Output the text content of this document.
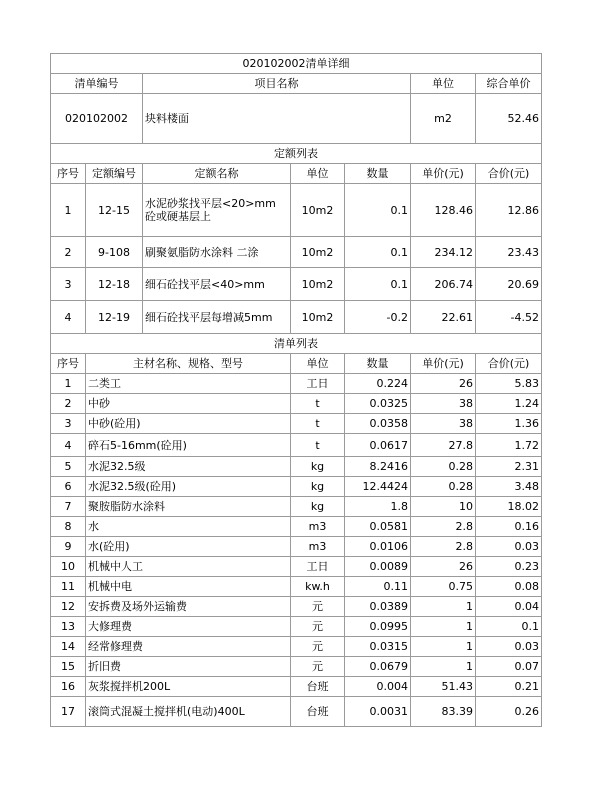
020102002清单详细						
清单编号		项目名称			单位	综合单价
020102002		块料楼面			m2	52.46
定额列表						
序号	定额编号	定额名称	单位	数量	单价(元)	合价(元)
1	12-15	水泥砂浆找平层<20>mm 砼或硬基层上	10m2	0.1	128.46	12.86
2	9-108	刷聚氨脂防水涂料 二涂	10m2	0.1	234.12	23.43
3	12-18	细石砼找平层<40>mm	10m2	0.1	206.74	20.69
4	12-19	细石砼找平层每增减5mm	10m2	-0.2	22.61	-4.52
清单列表						
序号	主材名称、规格、型号		单位	数量	单价(元)	合价(元)
1	二类工		工日	0.224	26	5.83
2	中砂		t	0.0325	38	1.24
3	中砂(砼用)		t	0.0358	38	1.36
4	碎石5-16mm(砼用)		t	0.0617	27.8	1.72
5	水泥32.5级		kg	8.2416	0.28	2.31
6	水泥32.5级(砼用)		kg	12.4424	0.28	3.48
7	聚胺脂防水涂料		kg	1.8	10	18.02
8	水		m3	0.0581	2.8	0.16
9	水(砼用)		m3	0.0106	2.8	0.03
10	机械中人工		工日	0.0089	26	0.23
11	机械中电		kw.h	0.11	0.75	0.08
12	安拆费及场外运输费		元	0.0389	1	0.04
13	大修理费		元	0.0995	1	0.1
14	经常修理费		元	0.0315	1	0.03
15	折旧费		元	0.0679	1	0.07
16	灰浆搅拌机200L		台班	0.004	51.43	0.21
17	滚筒式混凝土搅拌机(电动)400L		台班	0.0031	83.39	0.26
